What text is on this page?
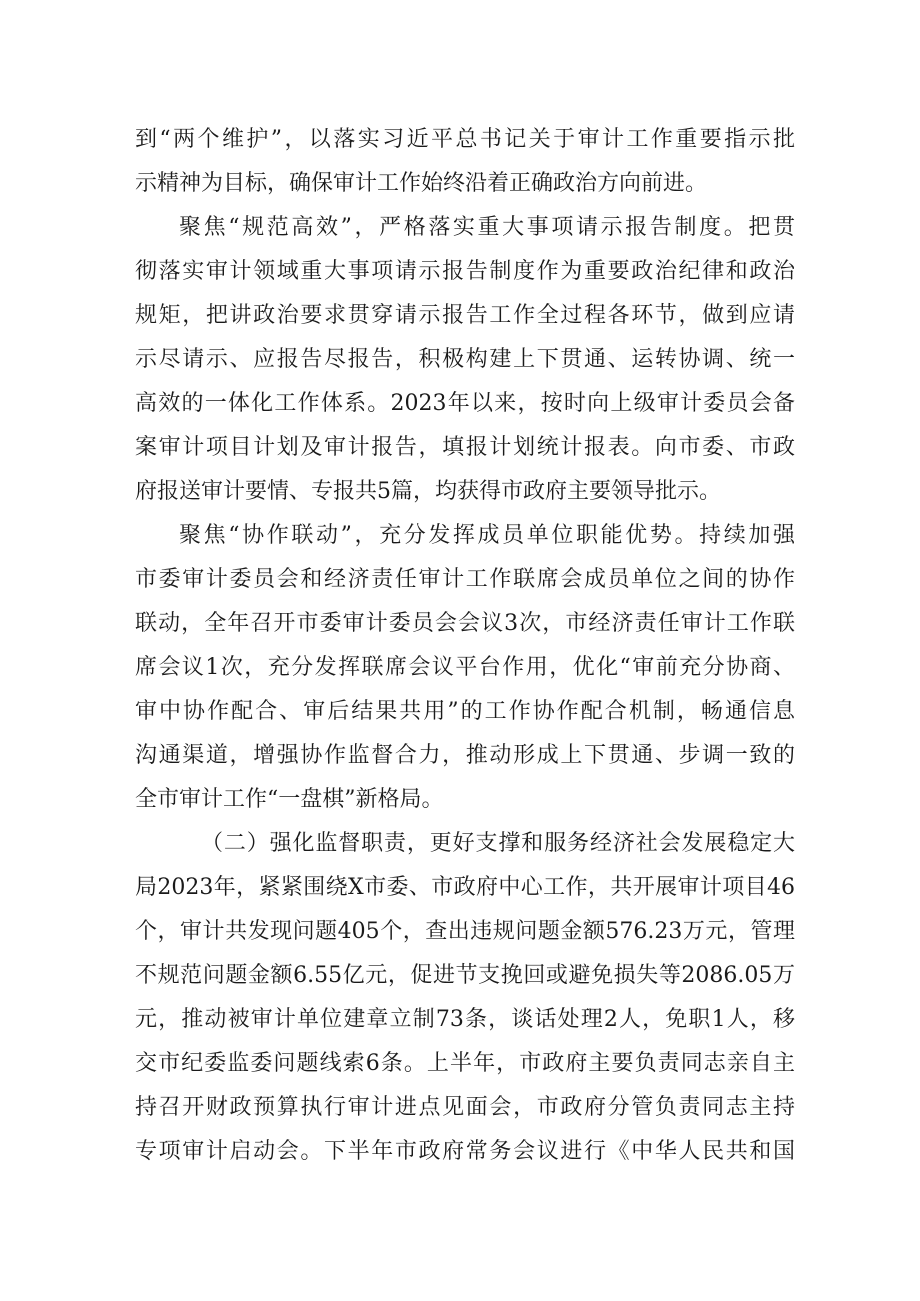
到“两个维护”，以落实习近平总书记关于审计工作重要指示批
示精神为目标，确保审计工作始终沿着正确政治方向前进。
聚焦“规范高效”，严格落实重大事项请示报告制度。把贯
彻落实审计领域重大事项请示报告制度作为重要政治纪律和政治
规矩，把讲政治要求贯穿请示报告工作全过程各环节，做到应请
示尽请示、应报告尽报告，积极构建上下贯通、运转协调、统一
高效的一体化工作体系。2023年以来，按时向上级审计委员会备
案审计项目计划及审计报告，填报计划统计报表。向市委、市政
府报送审计要情、专报共5篇，均获得市政府主要领导批示。
聚焦“协作联动”，充分发挥成员单位职能优势。持续加强
市委审计委员会和经济责任审计工作联席会成员单位之间的协作
联动，全年召开市委审计委员会会议3次，市经济责任审计工作联
席会议1次，充分发挥联席会议平台作用，优化“审前充分协商、
审中协作配合、审后结果共用”的工作协作配合机制，畅通信息
沟通渠道，增强协作监督合力，推动形成上下贯通、步调一致的
全市审计工作“一盘棋”新格局。
（二）强化监督职责，更好支撑和服务经济社会发展稳定大
局2023年，紧紧围绕X市委、市政府中心工作，共开展审计项目46
个，审计共发现问题405个，查出违规问题金额576.23万元，管理
不规范问题金额6.55亿元，促进节支挽回或避免损失等2086.05万
元，推动被审计单位建章立制73条，谈话处理2人，免职1人，移
交市纪委监委问题线索6条。上半年，市政府主要负责同志亲自主
持召开财政预算执行审计进点见面会，市政府分管负责同志主持
专项审计启动会。下半年市政府常务会议进行《中华人民共和国
